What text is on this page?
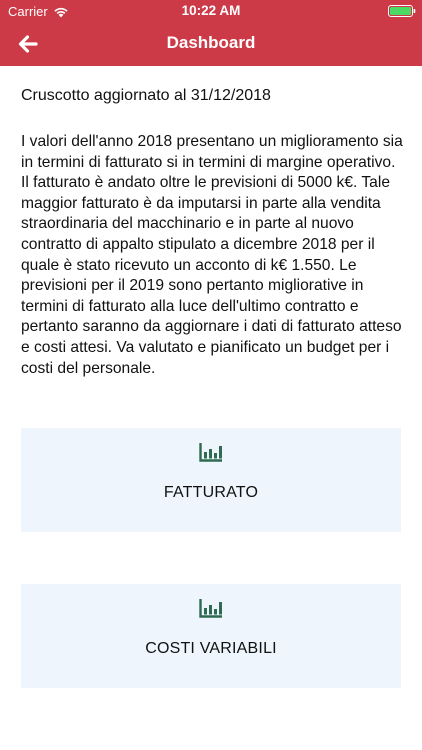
Carrier	10:22 AM
Dashboard

Cruscotto aggiornato al 31/12/2018

I valori dell'anno 2018 presentano un miglioramento sia in termini di fatturato si in termini di margine operativo. Il fatturato è andato oltre le previsioni di 5000 k€. Tale maggior fatturato è da imputarsi in parte alla vendita straordinaria del macchinario e in parte al nuovo contratto di appalto stipulato a dicembre 2018 per il quale è stato ricevuto un acconto di k€ 1.550. Le previsioni per il 2019 sono pertanto migliorative in termini di fatturato alla luce dell'ultimo contratto e pertanto saranno da aggiornare i dati di fatturato atteso e costi attesi. Va valutato e pianificato un budget per i costi del personale.

FATTURATO
COSTI VARIABILI
